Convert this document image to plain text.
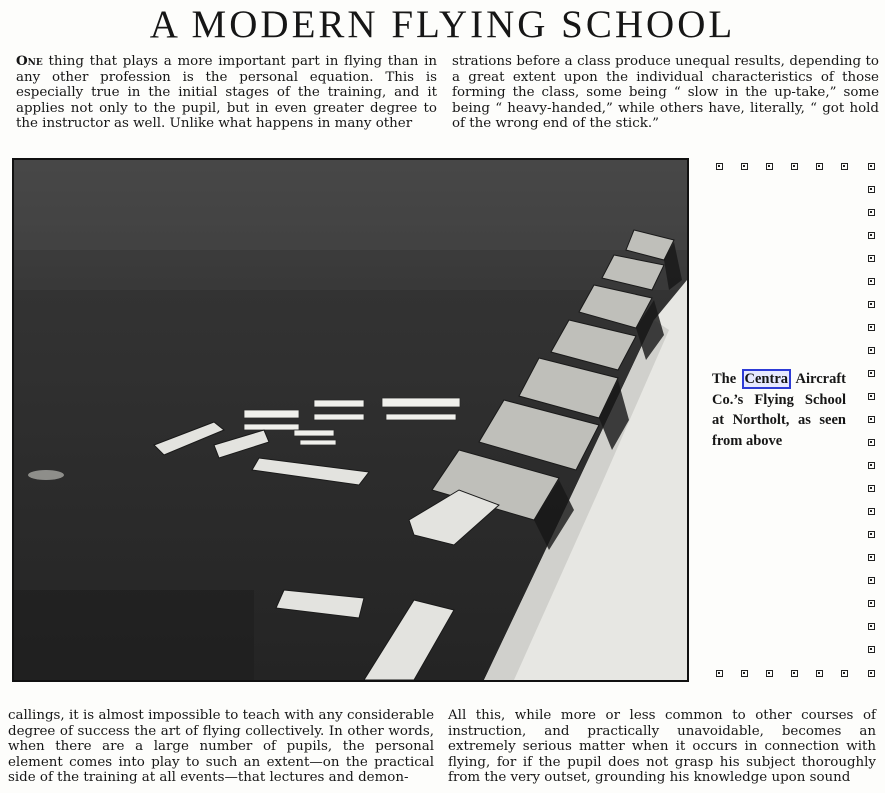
A MODERN FLYING SCHOOL

One thing that plays a more important part in flying than in any other profession is the personal equation. This is especially true in the initial stages of the training, and it applies not only to the pupil, but in even greater degree to the instructor as well. Unlike what happens in many other

strations before a class produce unequal results, depending to a great extent upon the individual characteristics of those forming the class, some being “ slow in the up-take,” some being “ heavy-handed,” while others have, literally, “ got hold of the wrong end of the stick.”

The Centra Aircraft Co.’s Flying School at Northolt, as seen from above

callings, it is almost impossible to teach with any considerable degree of success the art of flying collectively. In other words, when there are a large number of pupils, the personal element comes into play to such an extent—on the practical side of the training at all events—that lectures and demon-

All this, while more or less common to other courses of instruction, and practically unavoidable, becomes an extremely serious matter when it occurs in connection with flying, for if the pupil does not grasp his subject thoroughly from the very outset, grounding his knowledge upon sound
